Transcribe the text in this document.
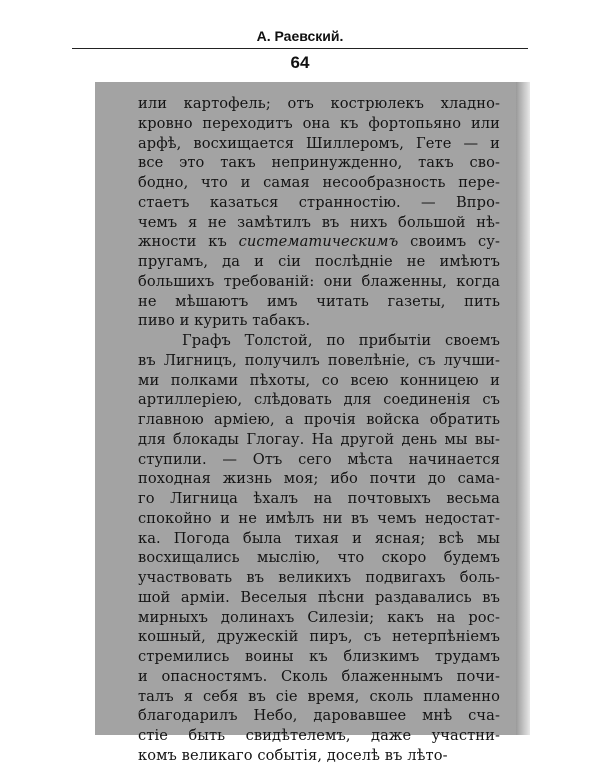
А. Раевский.
64
или картофель; отъ кострюлекъ хладно-
кровно переходитъ она къ фортопьяно или
арфѣ, восхищается Шиллеромъ, Гете — и
все это такъ непринужденно, такъ сво-
бодно, что и самая несообразность пере-
стаетъ казаться странностію. — Впро-
чемъ я не замѣтилъ въ нихъ большой нѣ-
жности къ систематическимъ своимъ су-
пругамъ, да и сіи послѣдніе не имѣютъ
большихъ требованій: они блаженны, когда
не мѣшаютъ имъ читать газеты, пить
пиво и курить табакъ.
Графъ Толстой, по прибытіи своемъ
въ Лигницъ, получилъ повелѣніе, съ лучши-
ми полками пѣхоты, со всею конницею и
артиллеріею, слѣдовать для соединенія съ
главною арміею, а прочія войска обратить
для блокады Глогау. На другой день мы вы-
ступили. — Отъ сего мѣста начинается
походная жизнь моя; ибо почти до сама-
го Лигница ѣхалъ на почтовыхъ весьма
спокойно и не имѣлъ ни въ чемъ недостат-
ка. Погода была тихая и ясная; всѣ мы
восхищались мыслію, что скоро будемъ
участвовать въ великихъ подвигахъ боль-
шой арміи. Веселыя пѣсни раздавались въ
мирныхъ долинахъ Силезіи; какъ на рос-
кошный, дружескій пиръ, съ нетерпѣніемъ
стремились воины къ близкимъ трудамъ
и опасностямъ. Сколь блаженнымъ почи-
талъ я себя въ сіе время, сколь пламенно
благодарилъ Небо, даровавшее мнѣ сча-
стіе быть свидѣтелемъ, даже участни-
комъ великаго событія, доселѣ въ лѣто-
